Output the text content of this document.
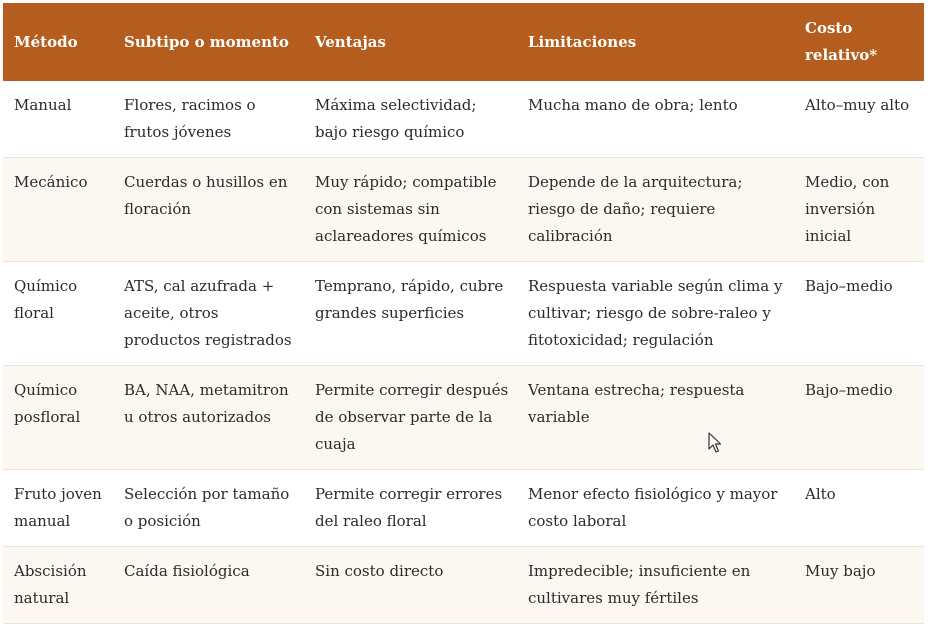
Método	Subtipo o momento	Ventajas	Limitaciones	Costo relativo*
Manual	Flores, racimos o frutos jóvenes	Máxima selectividad; bajo riesgo químico	Mucha mano de obra; lento	Alto–muy alto
Mecánico	Cuerdas o husillos en floración	Muy rápido; compatible con sistemas sin aclareadores químicos	Depende de la arquitectura; riesgo de daño; requiere calibración	Medio, con inversión inicial
Químico floral	ATS, cal azufrada + aceite, otros productos registrados	Temprano, rápido, cubre grandes superficies	Respuesta variable según clima y cultivar; riesgo de sobre-raleo y fitotoxicidad; regulación	Bajo–medio
Químico posfloral	BA, NAA, metamitron u otros autorizados	Permite corregir después de observar parte de la cuaja	Ventana estrecha; respuesta variable	Bajo–medio
Fruto joven manual	Selección por tamaño o posición	Permite corregir errores del raleo floral	Menor efecto fisiológico y mayor costo laboral	Alto
Abscisión natural	Caída fisiológica	Sin costo directo	Impredecible; insuficiente en cultivares muy fértiles	Muy bajo
